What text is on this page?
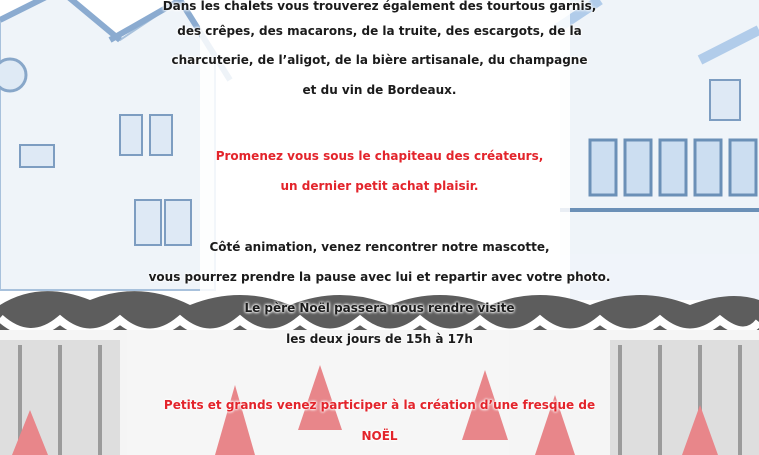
Dans les chalets vous trouverez également des tourtous garnis,
des crêpes, des macarons, de la truite, des escargots, de la
charcuterie, de l’aligot, de la bière artisanale, du champagne
et du vin de Bordeaux.
Promenez vous sous le chapiteau des créateurs,
un dernier petit achat plaisir.
Côté animation, venez rencontrer notre mascotte,
vous pourrez prendre la pause avec lui et repartir avec votre photo.
Le père Noël passera nous rendre visite
les deux jours de 15h à 17h
Petits et grands venez participer à la création d’une fresque de
NOËL
